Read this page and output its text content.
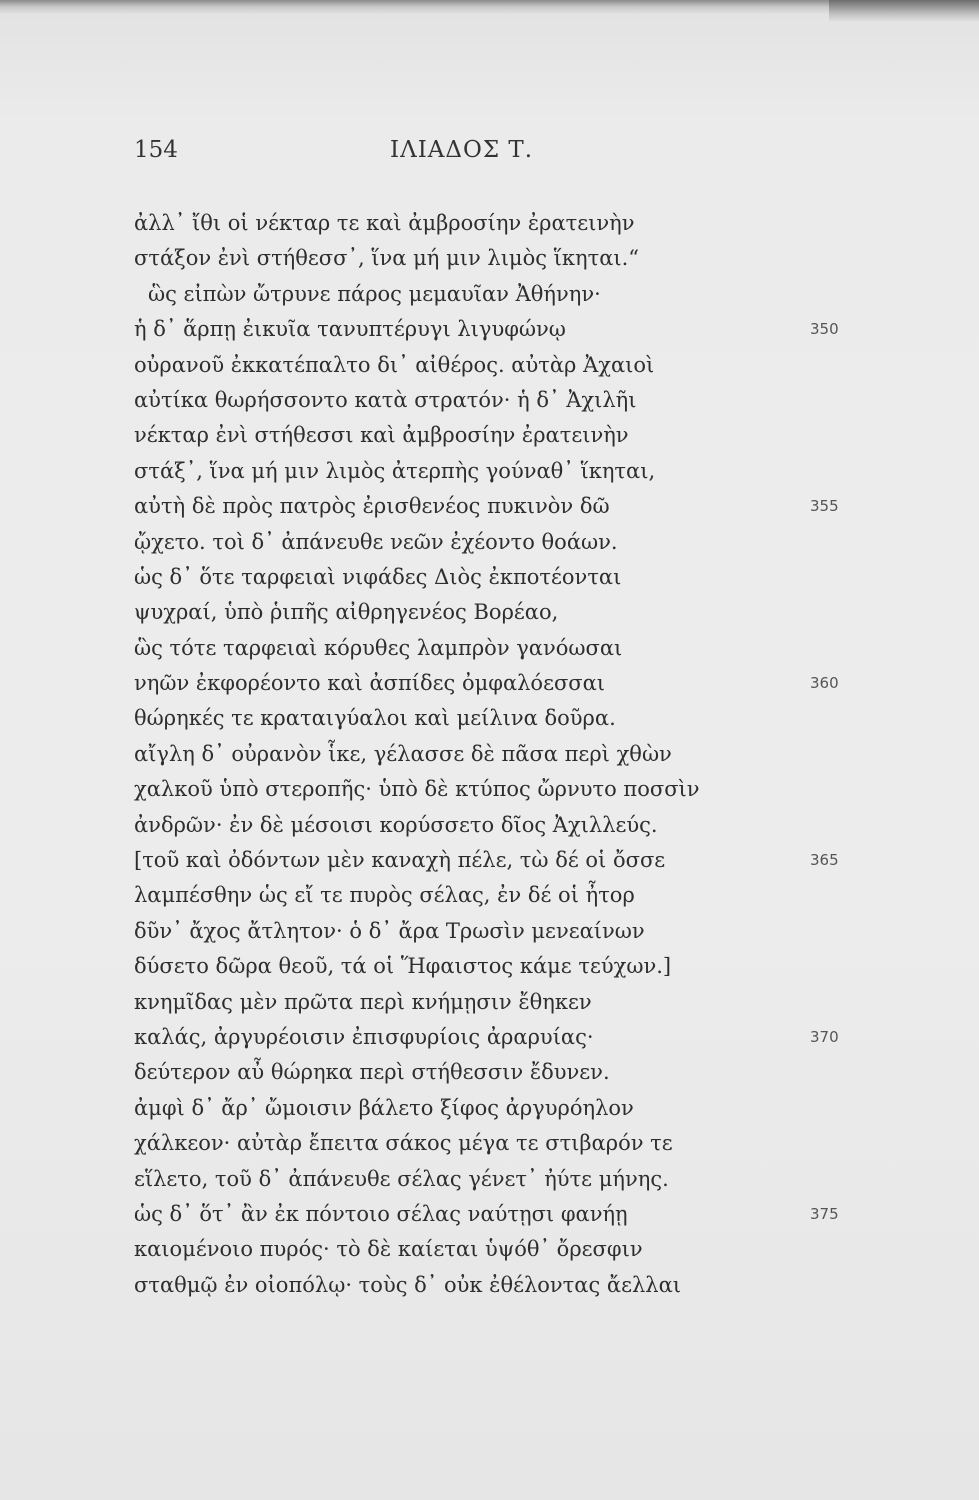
154	ΙΛΙΑΔΟΣ Τ.
ἀλλ᾽ ἴθι οἱ νέκταρ τε καὶ ἀμβροσίην ἐρατεινὴν
στάξον ἐνὶ στήθεσσ᾽, ἵνα μή μιν λιμὸς ἵκηται.“
ὣς εἰπὼν ὤτρυνε πάρος μεμαυῖαν Ἀθήνην·
ἡ δ᾽ ἅρπῃ ἐικυῖα τανυπτέρυγι λιγυφώνῳ	350
οὐρανοῦ ἐκκατέπαλτο δι᾽ αἰθέρος. αὐτὰρ Ἀχαιοὶ
αὐτίκα θωρήσσοντο κατὰ στρατόν· ἡ δ᾽ Ἀχιλῆι
νέκταρ ἐνὶ στήθεσσι καὶ ἀμβροσίην ἐρατεινὴν
στάξ᾽, ἵνα μή μιν λιμὸς ἀτερπὴς γούναθ᾽ ἵκηται,
αὐτὴ δὲ πρὸς πατρὸς ἐρισθενέος πυκινὸν δῶ	355
ᾤχετο. τοὶ δ᾽ ἀπάνευθε νεῶν ἐχέοντο θοάων.
ὡς δ᾽ ὅτε ταρφειαὶ νιφάδες Διὸς ἐκποτέονται
ψυχραί, ὑπὸ ῥιπῆς αἰθρηγενέος Βορέαο,
ὣς τότε ταρφειαὶ κόρυθες λαμπρὸν γανόωσαι
νηῶν ἐκφορέοντο καὶ ἀσπίδες ὀμφαλόεσσαι	360
θώρηκές τε κραταιγύαλοι καὶ μείλινα δοῦρα.
αἴγλη δ᾽ οὐρανὸν ἷκε, γέλασσε δὲ πᾶσα περὶ χθὼν
χαλκοῦ ὑπὸ στεροπῆς· ὑπὸ δὲ κτύπος ὤρνυτο ποσσὶν
ἀνδρῶν· ἐν δὲ μέσοισι κορύσσετο δῖος Ἀχιλλεύς.
[τοῦ καὶ ὀδόντων μὲν καναχὴ πέλε, τὼ δέ οἱ ὄσσε	365
λαμπέσθην ὡς εἴ τε πυρὸς σέλας, ἐν δέ οἱ ἦτορ
δῦν᾽ ἄχος ἄτλητον· ὁ δ᾽ ἄρα Τρωσὶν μενεαίνων
δύσετο δῶρα θεοῦ, τά οἱ Ἥφαιστος κάμε τεύχων.]
κνημῖδας μὲν πρῶτα περὶ κνήμῃσιν ἔθηκεν
καλάς, ἀργυρέοισιν ἐπισφυρίοις ἀραρυίας·	370
δεύτερον αὖ θώρηκα περὶ στήθεσσιν ἔδυνεν.
ἀμφὶ δ᾽ ἄρ᾽ ὤμοισιν βάλετο ξίφος ἀργυρόηλον
χάλκεον· αὐτὰρ ἔπειτα σάκος μέγα τε στιβαρόν τε
εἵλετο, τοῦ δ᾽ ἀπάνευθε σέλας γένετ᾽ ἠύτε μήνης.
ὡς δ᾽ ὅτ᾽ ἂν ἐκ πόντοιο σέλας ναύτῃσι φανήῃ	375
καιομένοιο πυρός· τὸ δὲ καίεται ὑψόθ᾽ ὄρεσφιν
σταθμῷ ἐν οἰοπόλῳ· τοὺς δ᾽ οὐκ ἐθέλοντας ἄελλαι
